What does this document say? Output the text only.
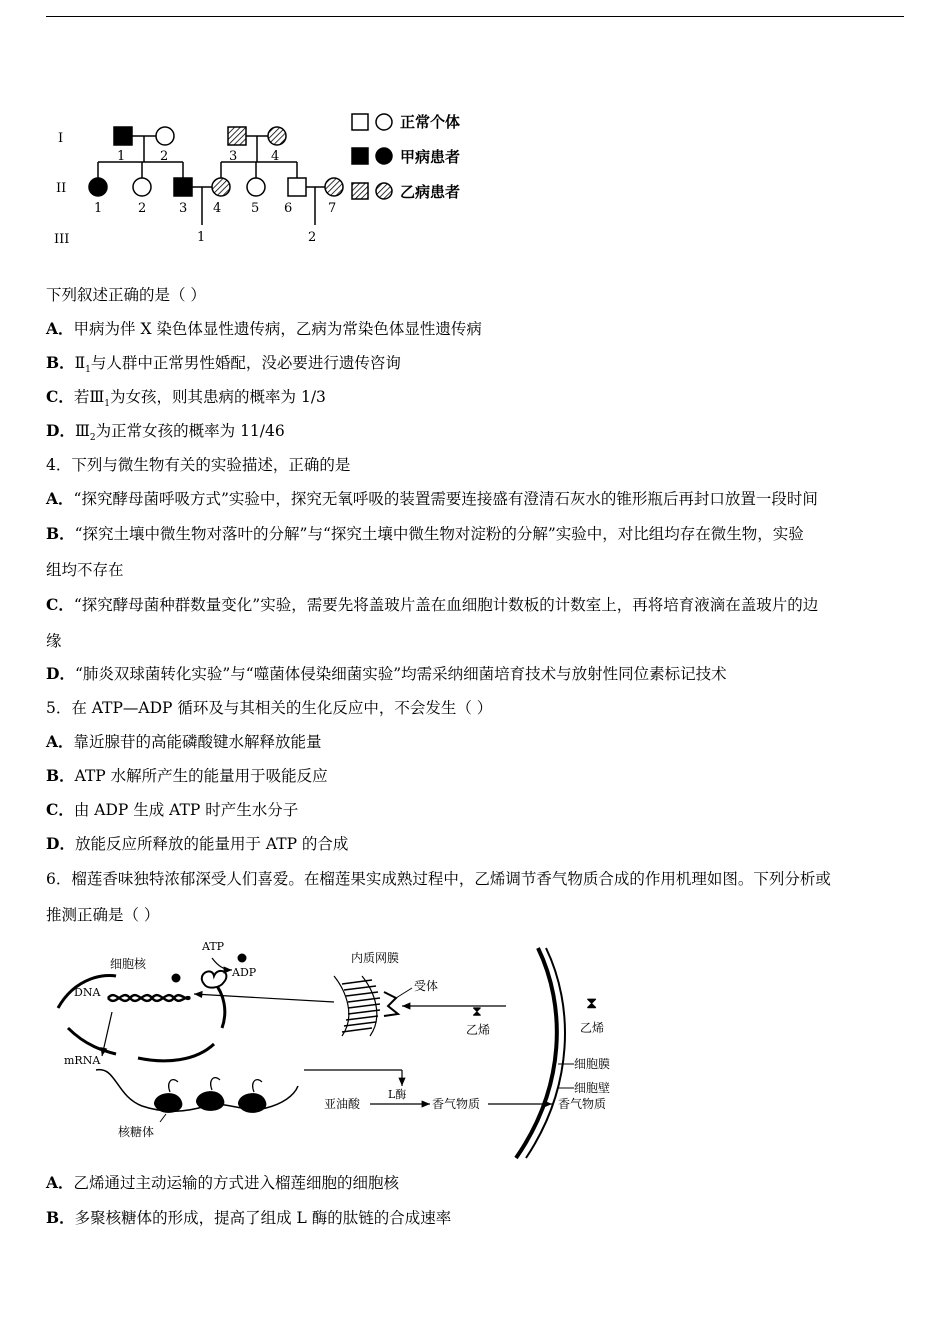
I
II
III
1	2	3	4
1	2	3 4 5 6	7
1	2
正常个体
甲病患者
乙病患者
下列叙述正确的是（ ）
A．甲病为伴 X 染色体显性遗传病，乙病为常染色体显性遗传病
B．$Ⅱ_1$与人群中正常男性婚配，没必要进行遗传咨询
C．若$Ⅲ_1$为女孩，则其患病的概率为 1/3
D．$Ⅲ_2$为正常女孩的概率为 11/46
4．下列与微生物有关的实验描述，正确的是
A．“探究酵母菌呼吸方式”实验中，探究无氧呼吸的装置需要连接盛有澄清石灰水的锥形瓶后再封口放置一段时间
B．“探究土壤中微生物对落叶的分解”与“探究土壤中微生物对淀粉的分解”实验中，对比组均存在微生物，实验
组均不存在
C．“探究酵母菌种群数量变化”实验，需要先将盖玻片盖在血细胞计数板的计数室上，再将培育液滴在盖玻片的边
缘
D．“肺炎双球菌转化实验”与“噬菌体侵染细菌实验”均需采纳细菌培育技术与放射性同位素标记技术
5．在 ATP—ADP 循环及与其相关的生化反应中，不会发生（ ）
A．靠近腺苷的高能磷酸键水解释放能量
B．ATP 水解所产生的能量用于吸能反应
C．由 ADP 生成 ATP 时产生水分子
D．放能反应所释放的能量用于 ATP 的合成
6．榴莲香味独特浓郁深受人们喜爱。在榴莲果实成熟过程中，乙烯调节香气物质合成的作用机理如图。下列分析或
推测正确是（ ）
细胞核
DNA
ATP
ADP
内质网膜
受体
⧗
乙烯
细胞膜
细胞壁
⧗
乙烯
mRNA
核糖体
亚油酸
L酶
香气物质	香气物质
A．乙烯通过主动运输的方式进入榴莲细胞的细胞核
B．多聚核糖体的形成，提高了组成 L 酶的肽链的合成速率
